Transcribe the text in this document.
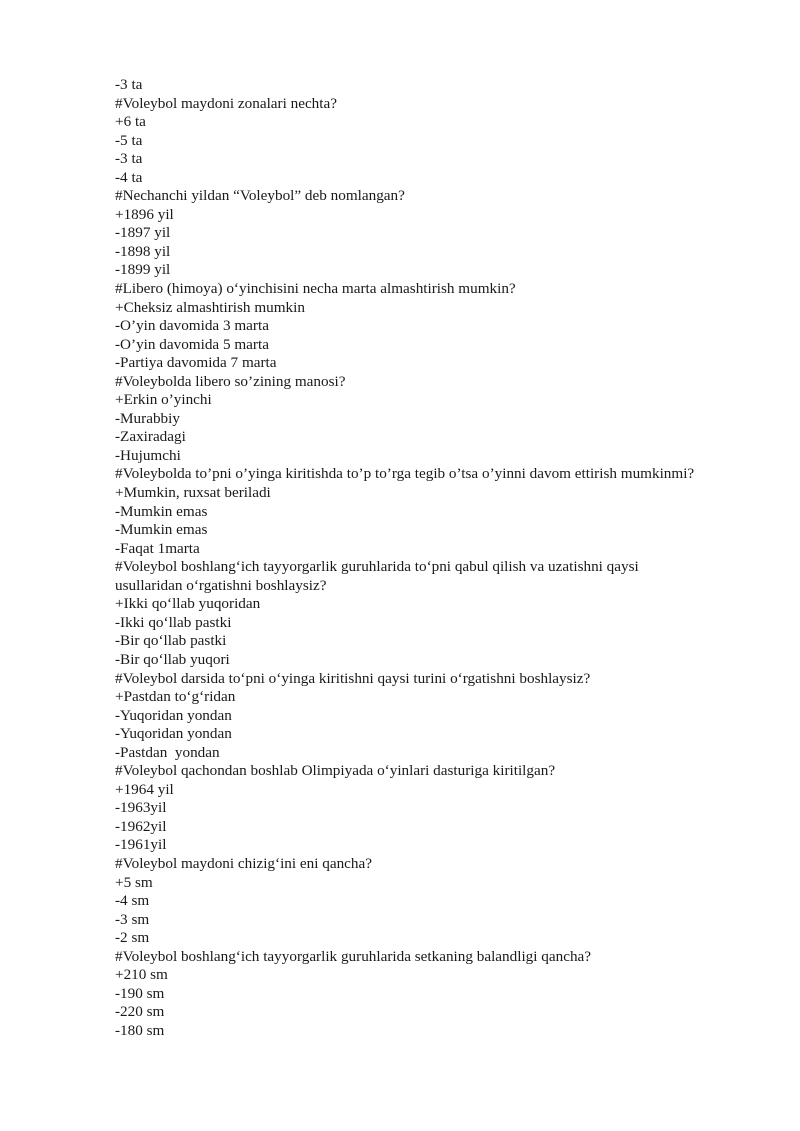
-3 ta
#Voleybol maydoni zonalari nechta?
+6 ta
-5 ta
-3 ta
-4 ta
#Nechanchi yildan “Voleybol” deb nomlangan?
+1896 yil
-1897 yil
-1898 yil
-1899 yil
#Libero (himoya) o‘yinchisini necha marta almashtirish mumkin?
+Cheksiz almashtirish mumkin
-O’yin davomida 3 marta
-O’yin davomida 5 marta
-Partiya davomida 7 marta
#Voleybolda libero so’zining manosi?
+Erkin o’yinchi
-Murabbiy
-Zaxiradagi
-Hujumchi
#Voleybolda to’pni o’yinga kiritishda to’p to’rga tegib o’tsa o’yinni davom ettirish mumkinmi?
+Mumkin, ruxsat beriladi
-Mumkin emas
-Mumkin emas
-Faqat 1marta
#Voleybol boshlang‘ich tayyorgarlik guruhlarida to‘pni qabul qilish va uzatishni qaysi
usullaridan o‘rgatishni boshlaysiz?
+Ikki qo‘llab yuqoridan
-Ikki qo‘llab pastki
-Bir qo‘llab pastki
-Bir qo‘llab yuqori
#Voleybol darsida to‘pni o‘yinga kiritishni qaysi turini o‘rgatishni boshlaysiz?
+Pastdan to‘g‘ridan
-Yuqoridan yondan
-Yuqoridan yondan
-Pastdan  yondan
#Voleybol qachondan boshlab Olimpiyada o‘yinlari dasturiga kiritilgan?
+1964 yil
-1963yil
-1962yil
-1961yil
#Voleybol maydoni chizig‘ini eni qancha?
+5 sm
-4 sm
-3 sm
-2 sm
#Voleybol boshlang‘ich tayyorgarlik guruhlarida setkaning balandligi qancha?
+210 sm
-190 sm
-220 sm
-180 sm
